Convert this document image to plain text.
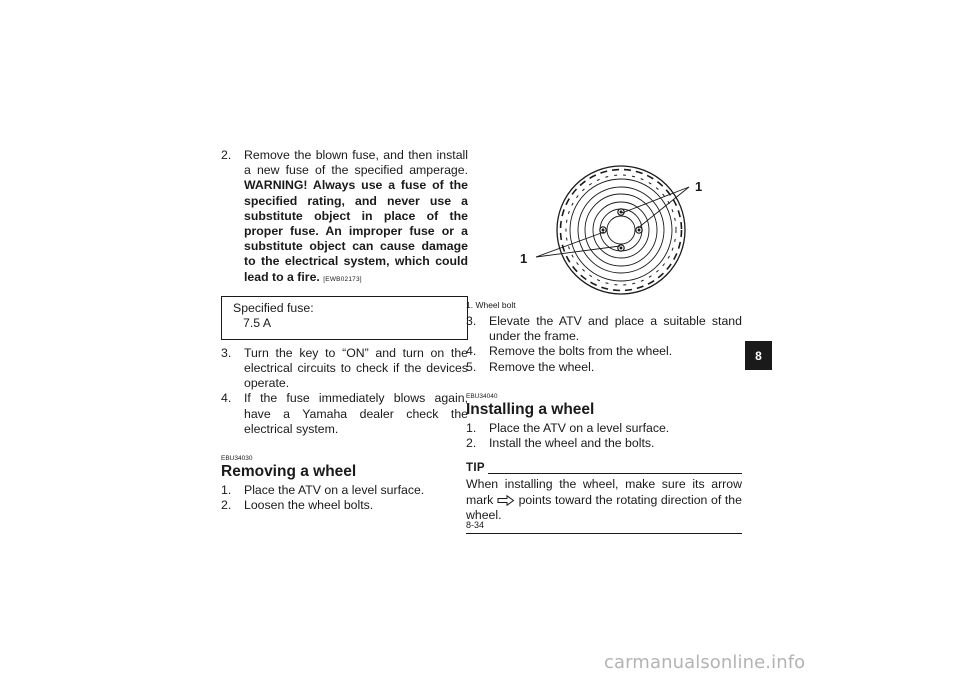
2.	Remove the blown fuse, and then install a new fuse of the specified amperage. WARNING! Always use a fuse of the specified rating, and never use a substitute object in place of the proper fuse. An improper fuse or a substitute object can cause damage to the electrical system, which could lead to a fire. [EWB02173]
Specified fuse:
7.5 A
3.	Turn the key to “ON” and turn on the electrical circuits to check if the devices operate.
4.	If the fuse immediately blows again, have a Yamaha dealer check the electrical system.
EBU34030
Removing a wheel
1.	Place the ATV on a level surface.
2.	Loosen the wheel bolts.
1
1
1. Wheel bolt
3.	Elevate the ATV and place a suitable stand under the frame.
4.	Remove the bolts from the wheel.
5.	Remove the wheel.
EBU34040
Installing a wheel
1.	Place the ATV on a level surface.
2.	Install the wheel and the bolts.
TIP
When installing the wheel, make sure its arrow mark points toward the rotating direction of the wheel.
8-34
8
carmanualsonline.info
